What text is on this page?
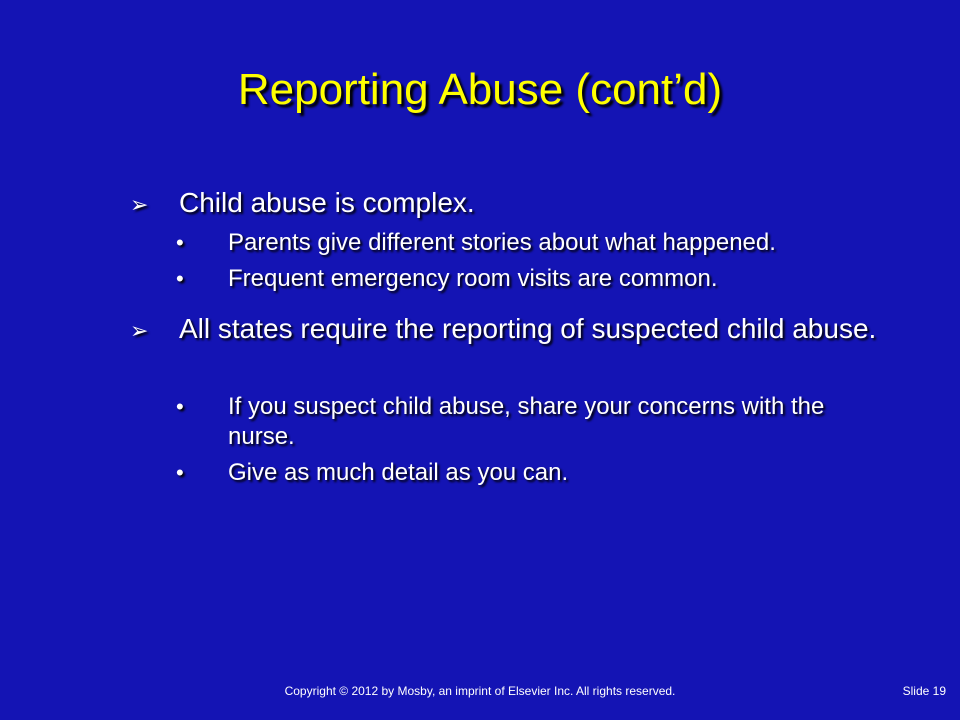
Reporting Abuse (cont’d)
➢ Child abuse is complex.
• Parents give different stories about what happened.
• Frequent emergency room visits are common.
➢ All states require the reporting of suspected child abuse.
• If you suspect child abuse, share your concerns with the nurse.
• Give as much detail as you can.
Copyright © 2012 by Mosby, an imprint of Elsevier Inc. All rights reserved.	Slide 19
